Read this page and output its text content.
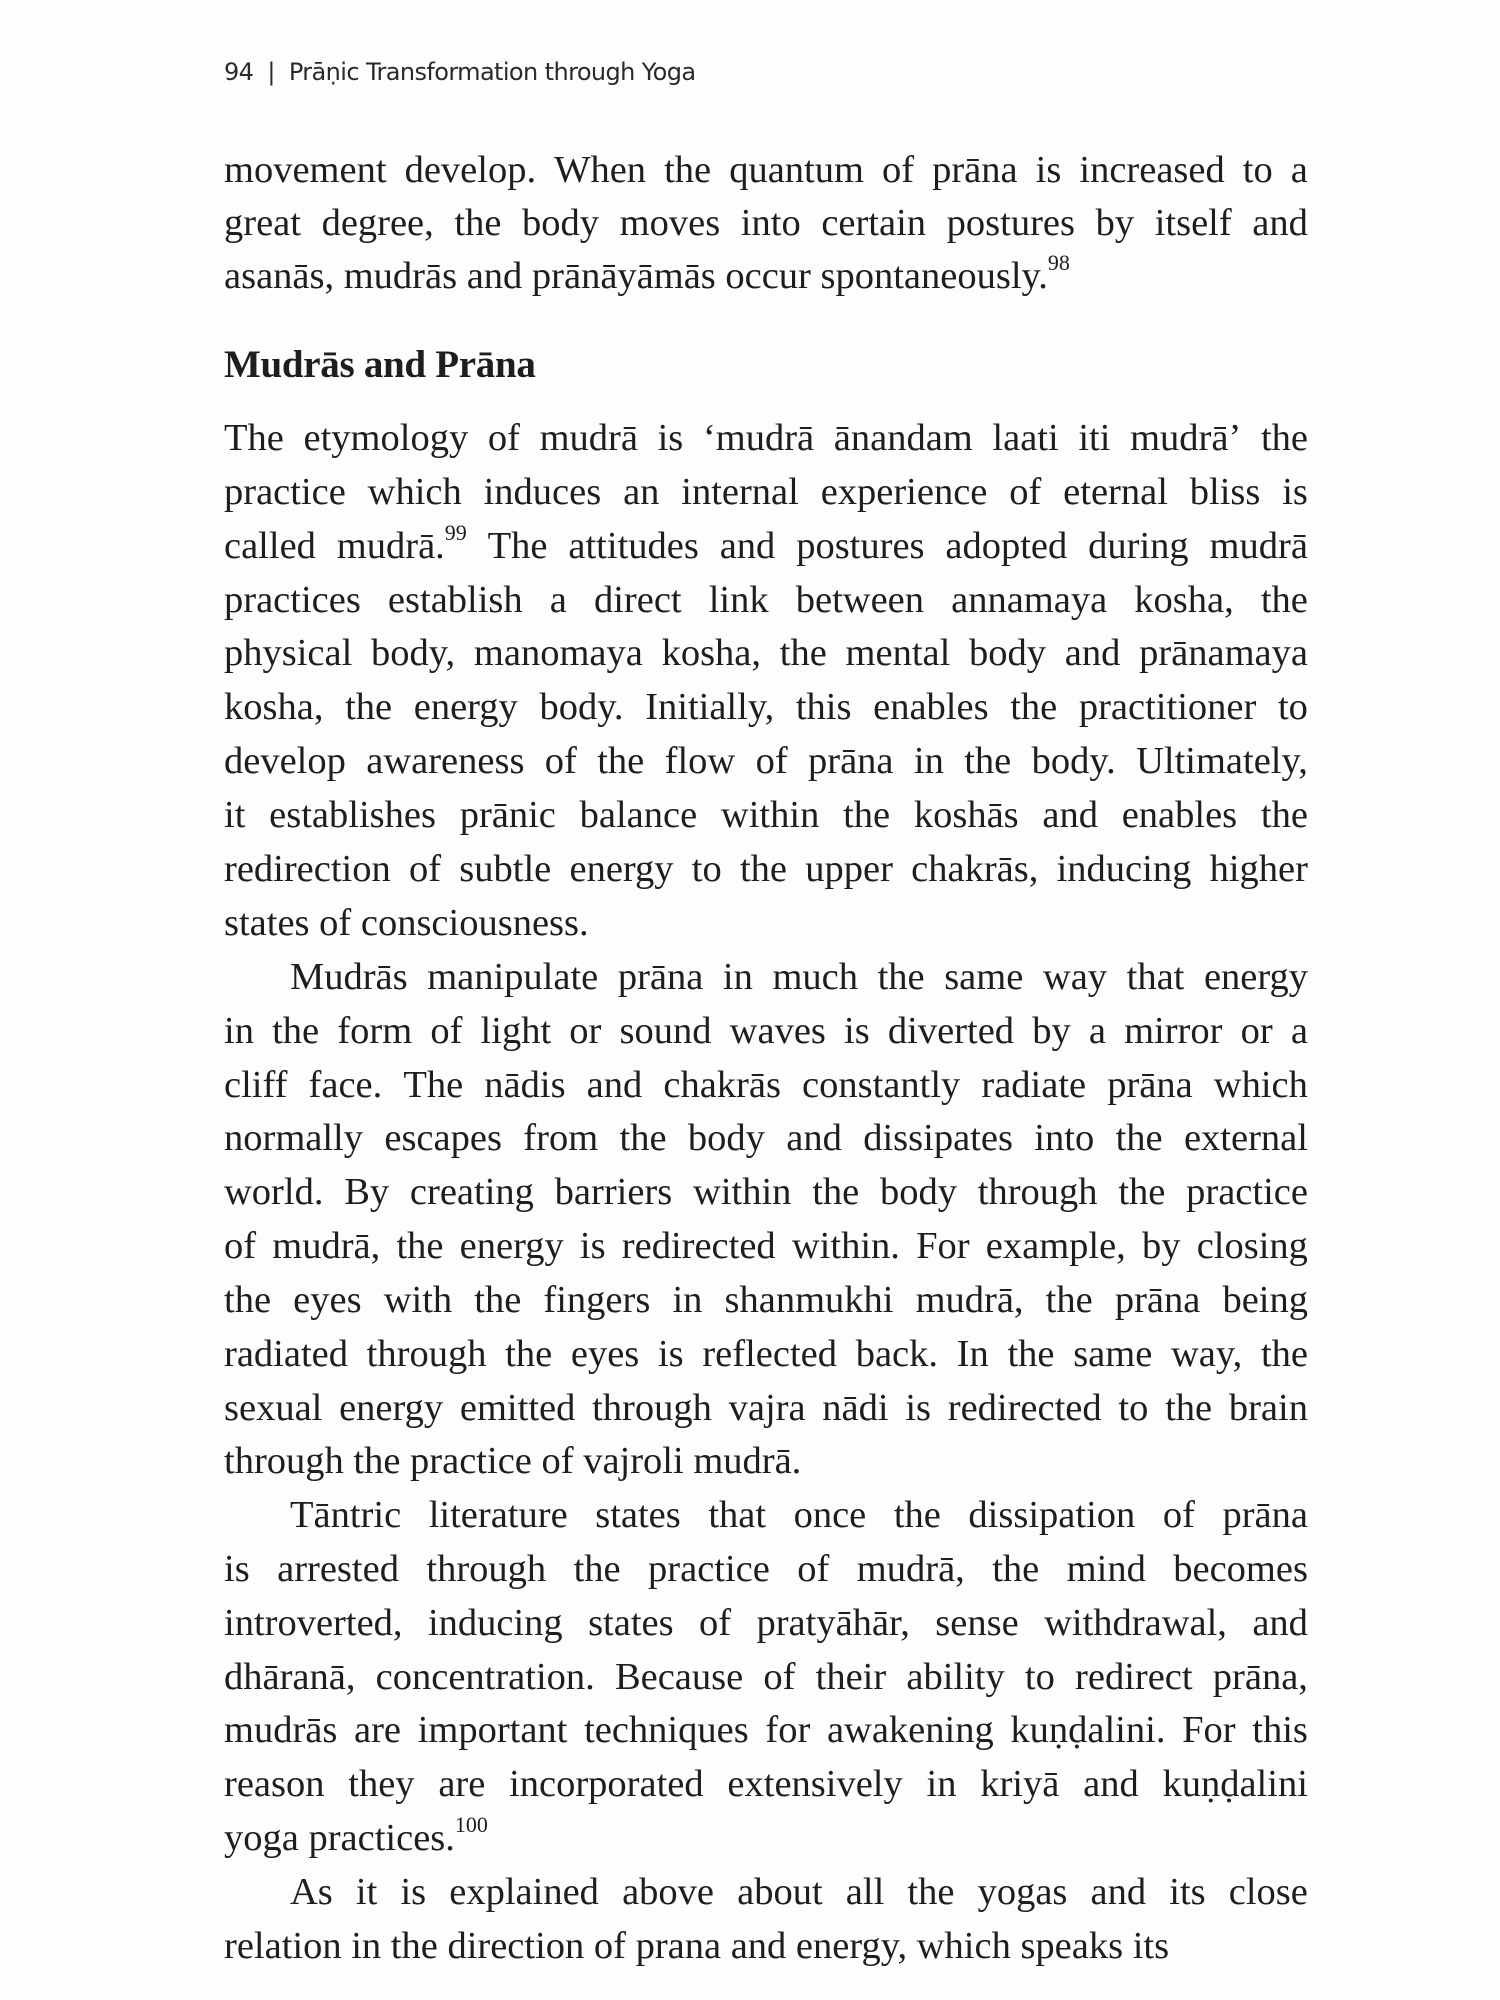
94 | Prāṇic Transformation through Yoga
movement develop. When the quantum of prāna is increased to a
great degree, the body moves into certain postures by itself and
asanās, mudrās and prānāyāmās occur spontaneously.$^{98}$
Mudrās and Prāna
The etymology of mudrā is ‘mudrā ānandam laati iti mudrā’ the
practice which induces an internal experience of eternal bliss is
called mudrā.$^{99}$ The attitudes and postures adopted during mudrā
practices establish a direct link between annamaya kosha, the
physical body, manomaya kosha, the mental body and prānamaya
kosha, the energy body. Initially, this enables the practitioner to
develop awareness of the flow of prāna in the body. Ultimately,
it establishes prānic balance within the koshās and enables the
redirection of subtle energy to the upper chakrās, inducing higher
states of consciousness.
Mudrās manipulate prāna in much the same way that energy
in the form of light or sound waves is diverted by a mirror or a
cliff face. The nādis and chakrās constantly radiate prāna which
normally escapes from the body and dissipates into the external
world. By creating barriers within the body through the practice
of mudrā, the energy is redirected within. For example, by closing
the eyes with the fingers in shanmukhi mudrā, the prāna being
radiated through the eyes is reflected back. In the same way, the
sexual energy emitted through vajra nādi is redirected to the brain
through the practice of vajroli mudrā.
Tāntric literature states that once the dissipation of prāna
is arrested through the practice of mudrā, the mind becomes
introverted, inducing states of pratyāhār, sense withdrawal, and
dhāranā, concentration. Because of their ability to redirect prāna,
mudrās are important techniques for awakening kuṇḍalini. For this
reason they are incorporated extensively in kriyā and kuṇḍalini
yoga practices.$^{100}$
As it is explained above about all the yogas and its close
relation in the direction of prana and energy, which speaks its
